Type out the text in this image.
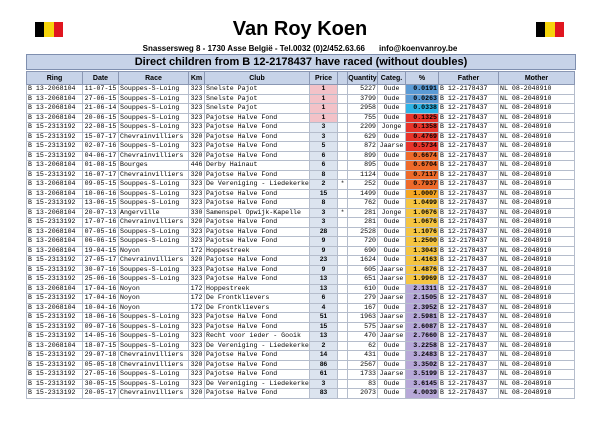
Van Roy Koen
Snassersweg 8 - 1730 Asse België - Tel.0032 (0)2/452.63.66 info@koenvanroy.be
Direct children from B 12-2178437 have raced (without doubles)
Ring	Date	Race	Km	Club	Price		Quantity	Categ.	%	Father	Mother
B 13-2068104	11-07-15	Souppes-S-Loing	323	Snelste Pajot	1		5227	Oude	0.0191	B 12-2178437	NL 08-2048910
B 13-2068104	27-06-15	Souppes-S-Loing	323	Snelste Pajot	1		3799	Oude	0.0263	B 12-2178437	NL 08-2048910
B 13-2068104	21-06-14	Souppes-S-Loing	323	Snelste Pajot	1		2958	Oude	0.0338	B 12-2178437	NL 08-2048910
B 13-2068104	20-06-15	Souppes-S-Loing	323	Pajotse Halve Fond	1		755	Oude	0.1325	B 12-2178437	NL 08-2048910
B 15-2313192	22-08-15	Souppes-S-Loing	323	Pajotse Halve Fond	3		2209	Jonge	0.1358	B 12-2178437	NL 08-2048910
B 15-2313192	15-07-17	Chevrainvilliers	320	Pajotse Halve Fond	3		629	Oude	0.4769	B 12-2178437	NL 08-2048910
B 15-2313192	02-07-16	Souppes-S-Loing	323	Pajotse Halve Fond	5		872	Jaarse	0.5734	B 12-2178437	NL 08-2048910
B 15-2313192	04-06-17	Chevrainvilliers	320	Pajotse Halve Fond	6		899	Oude	0.6674	B 12-2178437	NL 08-2048910
B 13-2068104	01-08-15	Bourges	446	Derby Hainaut	6		895	Oude	0.6704	B 12-2178437	NL 08-2048910
B 15-2313192	16-07-17	Chevrainvilliers	320	Pajotse Halve Fond	8		1124	Oude	0.7117	B 12-2178437	NL 08-2048910
B 13-2068104	09-05-15	Souppes-S-Loing	323	De Vereniging - Liedekerke	2	*	252	Oude	0.7937	B 12-2178437	NL 08-2048910
B 13-2068104	10-06-16	Souppes-S-Loing	323	Pajotse Halve Fond	15		1499	Oude	1.0007	B 12-2178437	NL 08-2048910
B 15-2313192	13-06-15	Souppes-S-Loing	323	Pajotse Halve Fond	8		762	Oude	1.0499	B 12-2178437	NL 08-2048910
B 13-2068104	20-07-13	Angerville	330	Samenspel Opwijk-Kapelle	3	*	281	Jonge	1.0676	B 12-2178437	NL 08-2048910
B 15-2313192	17-07-16	Chevrainvilliers	320	Pajotse Halve Fond	3		281	Oude	1.0676	B 12-2178437	NL 08-2048910
B 13-2068104	07-05-16	Souppes-S-Loing	323	Pajotse Halve Fond	28		2528	Oude	1.1076	B 12-2178437	NL 08-2048910
B 13-2068104	06-06-15	Souppes-S-Loing	323	Pajotse Halve Fond	9		720	Oude	1.2500	B 12-2178437	NL 08-2048910
B 13-2068104	19-04-15	Noyon	172	Hoppestreek	9		690	Oude	1.3043	B 12-2178437	NL 08-2048910
B 15-2313192	27-05-17	Chevrainvilliers	320	Pajotse Halve Fond	23		1624	Oude	1.4163	B 12-2178437	NL 08-2048910
B 15-2313192	30-07-16	Souppes-S-Loing	323	Pajotse Halve Fond	9		605	Jaarse	1.4876	B 12-2178437	NL 08-2048910
B 15-2313192	25-06-16	Souppes-S-Loing	323	Pajotse Halve Fond	13		651	Jaarse	1.9969	B 12-2178437	NL 08-2048910
B 13-2068104	17-04-16	Noyon	172	Hoppestreek	13		610	Oude	2.1311	B 12-2178437	NL 08-2048910
B 15-2313192	17-04-16	Noyon	172	De Frontklievers	6		279	Jaarse	2.1505	B 12-2178437	NL 08-2048910
B 13-2068104	10-04-16	Noyon	172	De Frontklievers	4		167	Oude	2.3952	B 12-2178437	NL 08-2048910
B 15-2313192	18-06-16	Souppes-S-Loing	323	Pajotse Halve Fond	51		1963	Jaarse	2.5981	B 12-2178437	NL 08-2048910
B 15-2313192	09-07-16	Souppes-S-Loing	323	Pajotse Halve Fond	15		575	Jaarse	2.6087	B 12-2178437	NL 08-2048910
B 15-2313192	14-05-16	Souppes-S-Loing	323	Recht voor ieder - Gooik	13		470	Jaarse	2.7660	B 12-2178437	NL 08-2048910
B 13-2068104	18-07-15	Souppes-S-Loing	323	De Vereniging - Liedekerke	2		62	Oude	3.2258	B 12-2178437	NL 08-2048910
B 15-2313192	29-07-18	Chevrainvilliers	320	Pajotse Halve Fond	14		431	Oude	3.2483	B 12-2178437	NL 08-2048910
B 15-2313192	05-05-18	Chevrainvilliers	320	Pajotse Halve Fond	86		2567	Oude	3.3502	B 12-2178437	NL 08-2048910
B 15-2313192	27-05-16	Souppes-S-Loing	323	Pajotse Halve Fond	61		1733	Jaarse	3.5199	B 12-2178437	NL 08-2048910
B 15-2313192	30-05-15	Souppes-S-Loing	323	De Vereniging - Liedekerke	3		83	Oude	3.6145	B 12-2178437	NL 08-2048910
B 15-2313192	20-05-17	Chevrainvilliers	320	Pajotse Halve Fond	83		2073	Oude	4.0039	B 12-2178437	NL 08-2048910
